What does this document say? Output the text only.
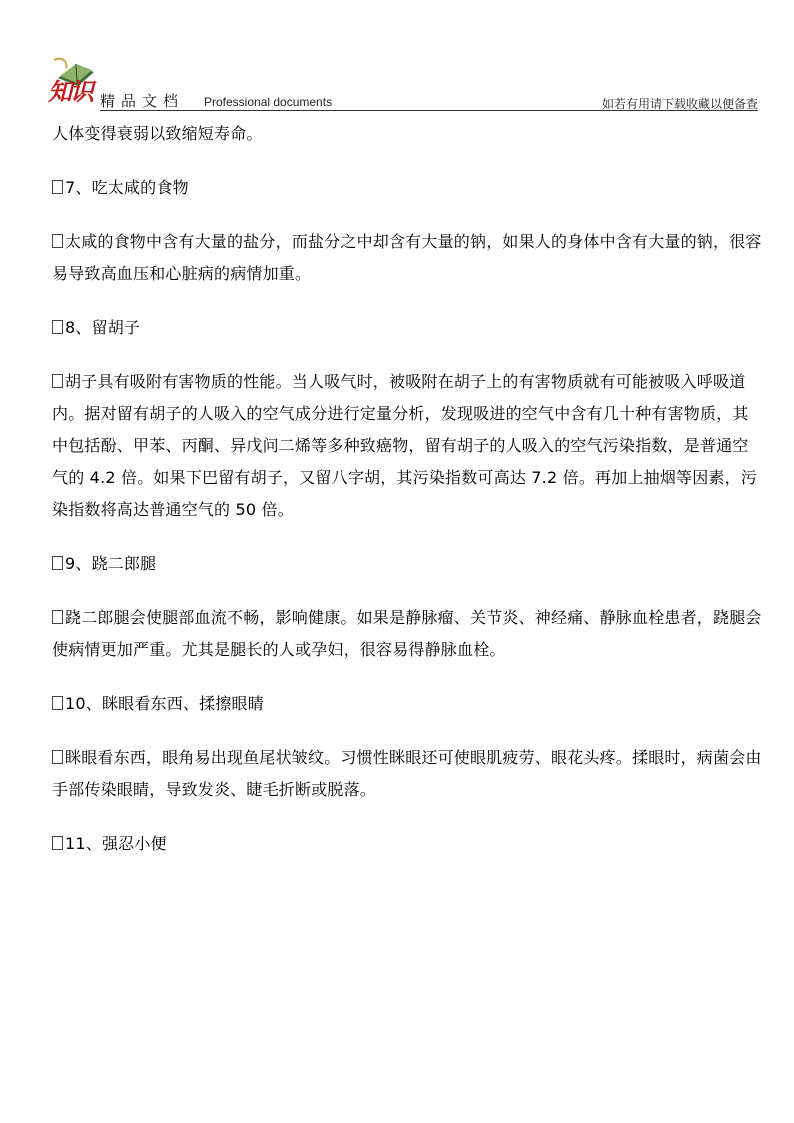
知识 精品文档 Professional documents	如若有用请下载收藏以便备查

人体变得衰弱以致缩短寿命。

7、吃太咸的食物

太咸的食物中含有大量的盐分，而盐分之中却含有大量的钠，如果人的身体中含有大量的钠，很容易导致高血压和心脏病的病情加重。

8、留胡子

胡子具有吸附有害物质的性能。当人吸气时，被吸附在胡子上的有害物质就有可能被吸入呼吸道内。据对留有胡子的人吸入的空气成分进行定量分析，发现吸进的空气中含有几十种有害物质，其中包括酚、甲苯、丙酮、异戊问二烯等多种致癌物，留有胡子的人吸入的空气污染指数，是普通空气的 4.2 倍。如果下巴留有胡子，又留八字胡，其污染指数可高达 7.2 倍。再加上抽烟等因素，污染指数将高达普通空气的 50 倍。

9、跷二郎腿

跷二郎腿会使腿部血流不畅，影响健康。如果是静脉瘤、关节炎、神经痛、静脉血栓患者，跷腿会使病情更加严重。尤其是腿长的人或孕妇，很容易得静脉血栓。

10、眯眼看东西、揉擦眼睛

眯眼看东西，眼角易出现鱼尾状皱纹。习惯性眯眼还可使眼肌疲劳、眼花头疼。揉眼时，病菌会由手部传染眼睛，导致发炎、睫毛折断或脱落。

11、强忍小便
